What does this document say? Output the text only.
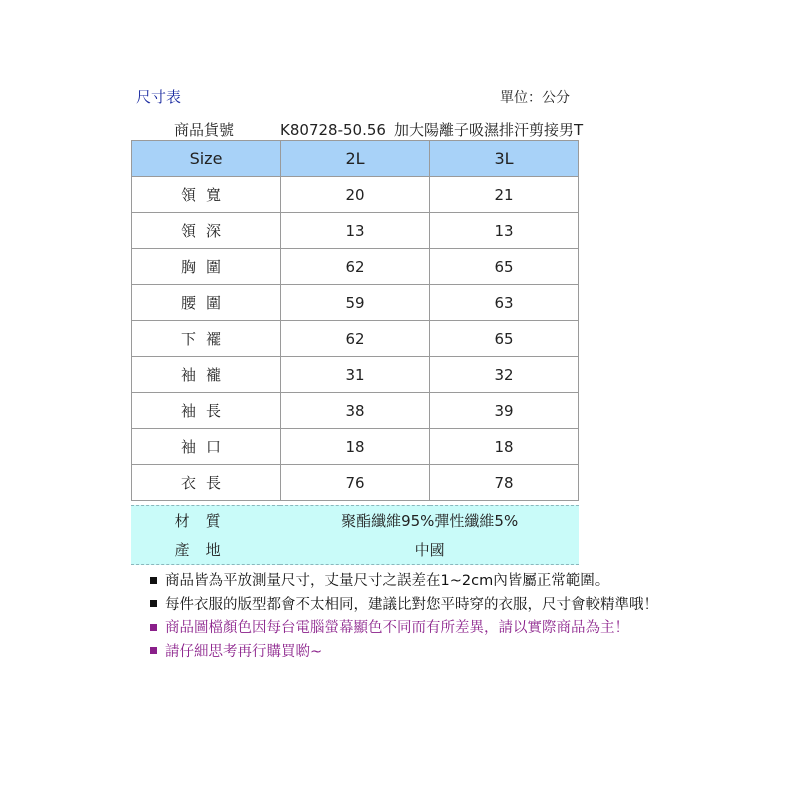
尺寸表	單位：公分
商品貨號	K80728-50.56 加大陽離子吸濕排汗剪接男T
Size	2L	3L
領寬	20	21
領深	13	13
胸圍	62	65
腰圍	59	63
下襬	62	65
袖襱	31	32
袖長	38	39
袖口	18	18
衣長	76	78
材質	聚酯纖維95%彈性纖維5%
產地	中國
商品皆為平放測量尺寸，丈量尺寸之誤差在1~2cm內皆屬正常範圍。
每件衣服的版型都會不太相同，建議比對您平時穿的衣服，尺寸會較精準哦！
商品圖檔顏色因每台電腦螢幕顯色不同而有所差異，請以實際商品為主！
請仔細思考再行購買喲~
